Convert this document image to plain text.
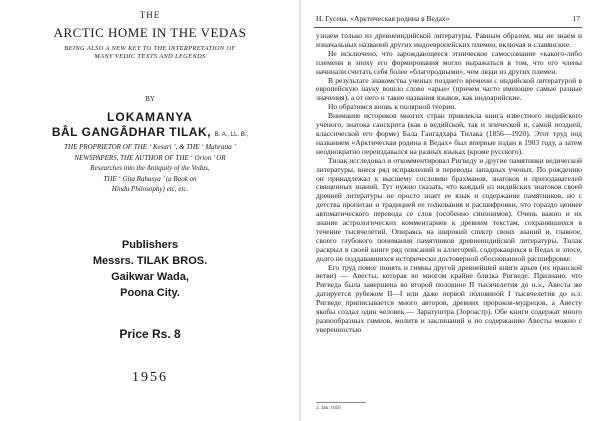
THE
ARCTIC HOME IN THE VEDAS
BEING ALSO A NEW KEY TO THE INTERPRETATION OF
MANY VEDIC TEXTS AND LEGENDS
BY
LOKAMANYA
BÂL GANGÂDHAR TILAK, B. A., LL. B.,
THE PROPRIETOR OF THE ‘ Kesari ’, & THE ‘ Mahratta ’
NEWSPAPERS, THE AUTHOR OF THE ‘ Orion ’ OR
Researches into the Antiquity of the Vedas,
THE ‘ Gita Rahasya ’ (a Book on
Hindu Philosophy) etc, etc.
Publishers
Messrs. TILAK BROS.
Gaikwar Wada,
Poona City.
Price Rs. 8
1956
Н. Гусева. «Арктическая родина в Ведах»	17

узнаем только из древнеиндийской литературы. Равным образом, мы не знаем и изначальных названий других индоевропейских племен, включая и славянские.

Не исключено, что зарождающееся этническое самосознание «какого-либо племени в эпоху его формирования могло выражаться в том, что его члены начинали считать себя более «благородными», чем люди из других племен.

В результате знакомства ученых позднего времени с индийской литературой в европейскую науку вошло слово «арьи» (причем часто имеющее самые разные значения), а от него и такие названия языков, как индоарийские.

Но обратимся вновь к полярной теории.

Внимание историков многих стран привлекла книга известного индийского ученого, знатока санскрита (как в ведийской, так и эпической и, самой поздней, классической его форме) Бала Гангадхара Тилака (1856—1920). Этот труд под названием «Арктическая родина в Ведах» был впервые издан в 1903 году, а затем неоднократно переиздавался на разных языках (кроме русского).

Тилак исследовал и откомментировал Ригведу и другие памятники ведической литературы, внеся ряд исправлений в переводы западных ученых. По рождению он принадлежал к высшему сословию брахманов, знатоков и преподавателей священных знаний. Тут нужно сказать, что каждый из индийских знатоков своей древней литературы не просто знает ее язык и содержание памятников, но с детства пропитан и традицией ее толкования и расшифровки, что гораздо ценнее автоматического перевода се слов (особенно синонимов). Очень важно и их знание астрологических комментариев к древним текстам, сохранявшихся в течение тысячелетий. Опираясь на широкий спектр своих знаний и, главное, своего глубокого понимания памятников древнеиндийской литературы, Тилак раскрыл в своей книге ряд описаний и аллегорий, содержащихся в Ведах и эпосе, долго не поддававшихся исторически достоверной обоснованной расшифровке.

Его труд помог понять и гимны другой древнейшей книги арьев (их иранской ветви) — Авесты, которая во многом крайне близка Ригведе. Признано, что Ригведа была завершена во второй половине II тысячелетия до н.э., Авеста же датируется рубежом II—I или даже первой половиной I тысячелетия до н.э. Ригведе приписывается много авторов, древних пророков-мудрецов, а Авесту якобы создал один человек — Заратуштра (Зороастр). Обе книги содержат много разнообразных гимнов, молитв и заклинаний и по содержанию Авесты можно с уверенностью

2. Зак. 1056
